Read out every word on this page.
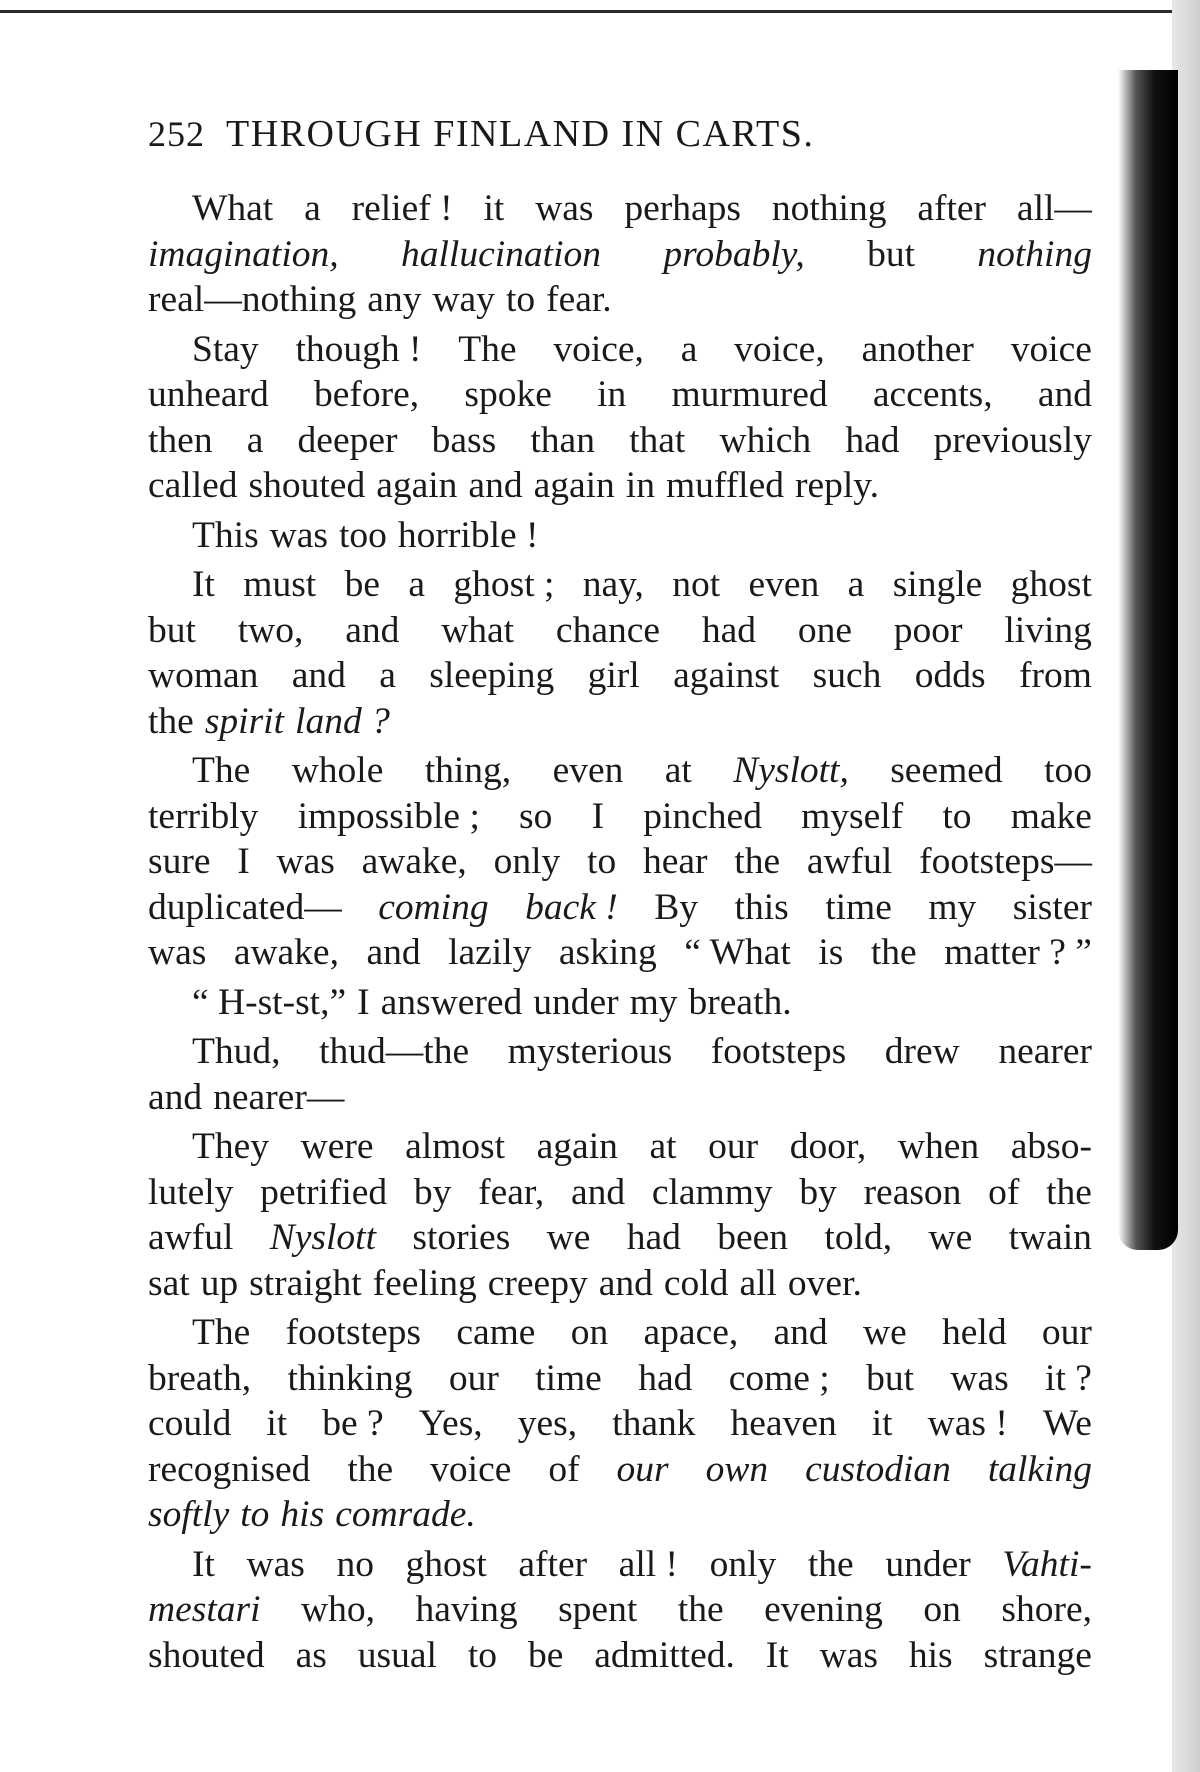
252 THROUGH FINLAND IN CARTS.
What a relief ! it was perhaps nothing after all—
imagination, hallucination probably, but nothing
real—nothing any way to fear.
Stay though ! The voice, a voice, another voice
unheard before, spoke in murmured accents, and
then a deeper bass than that which had previously
called shouted again and again in muffled reply.
This was too horrible !
It must be a ghost ; nay, not even a single ghost
but two, and what chance had one poor living
woman and a sleeping girl against such odds from
the spirit land ?
The whole thing, even at Nyslott, seemed too
terribly impossible ; so I pinched myself to make
sure I was awake, only to hear the awful footsteps—
duplicated— coming back ! By this time my sister
was awake, and lazily asking “ What is the matter ? ”
“ H-st-st,” I answered under my breath.
Thud, thud—the mysterious footsteps drew nearer
and nearer—
They were almost again at our door, when abso-
lutely petrified by fear, and clammy by reason of the
awful Nyslott stories we had been told, we twain
sat up straight feeling creepy and cold all over.
The footsteps came on apace, and we held our
breath, thinking our time had come ; but was it ?
could it be ? Yes, yes, thank heaven it was ! We
recognised the voice of our own custodian talking
softly to his comrade.
It was no ghost after all ! only the under Vahti-
mestari who, having spent the evening on shore,
shouted as usual to be admitted. It was his strange
